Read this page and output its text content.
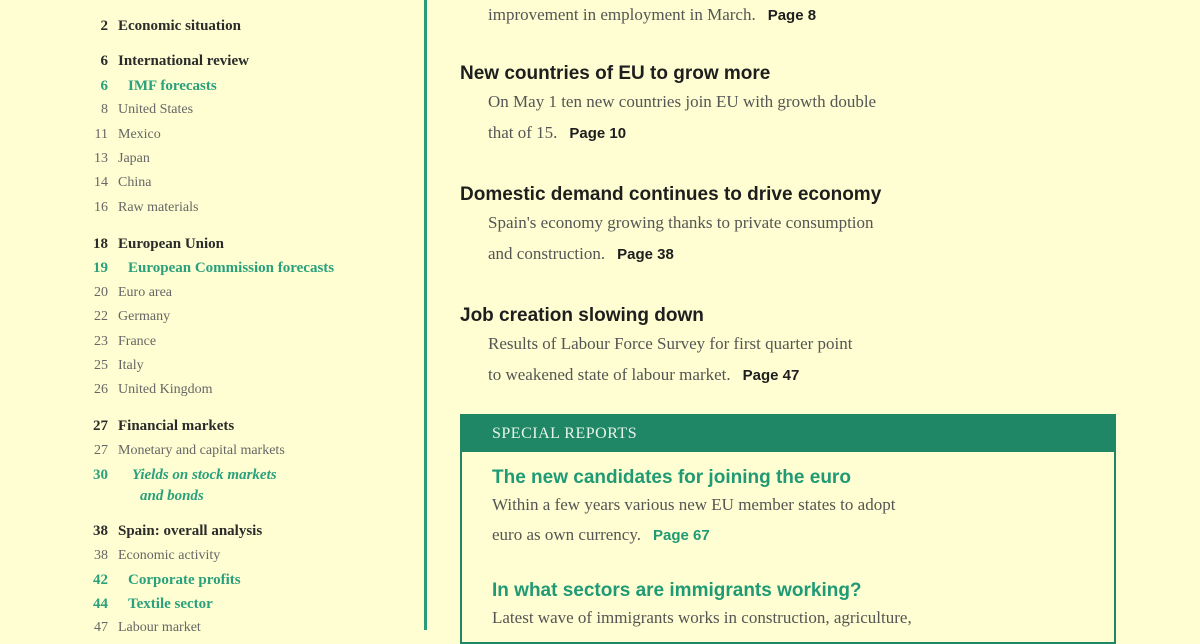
2 Economic situation
6 International review
6 IMF forecasts
8 United States
11 Mexico
13 Japan
14 China
16 Raw materials
18 European Union
19 European Commission forecasts
20 Euro area
22 Germany
23 France
25 Italy
26 United Kingdom
27 Financial markets
27 Monetary and capital markets
30 Yields on stock markets
and bonds
38 Spain: overall analysis
38 Economic activity
42 Corporate profits
44 Textile sector
47 Labour market
improvement in employment in March. Page 8
New countries of EU to grow more
On May 1 ten new countries join EU with growth double
that of 15. Page 10
Domestic demand continues to drive economy
Spain's economy growing thanks to private consumption
and construction. Page 38
Job creation slowing down
Results of Labour Force Survey for first quarter point
to weakened state of labour market. Page 47
SPECIAL REPORTS
The new candidates for joining the euro
Within a few years various new EU member states to adopt
euro as own currency. Page 67
In what sectors are immigrants working?
Latest wave of immigrants works in construction, agriculture,
